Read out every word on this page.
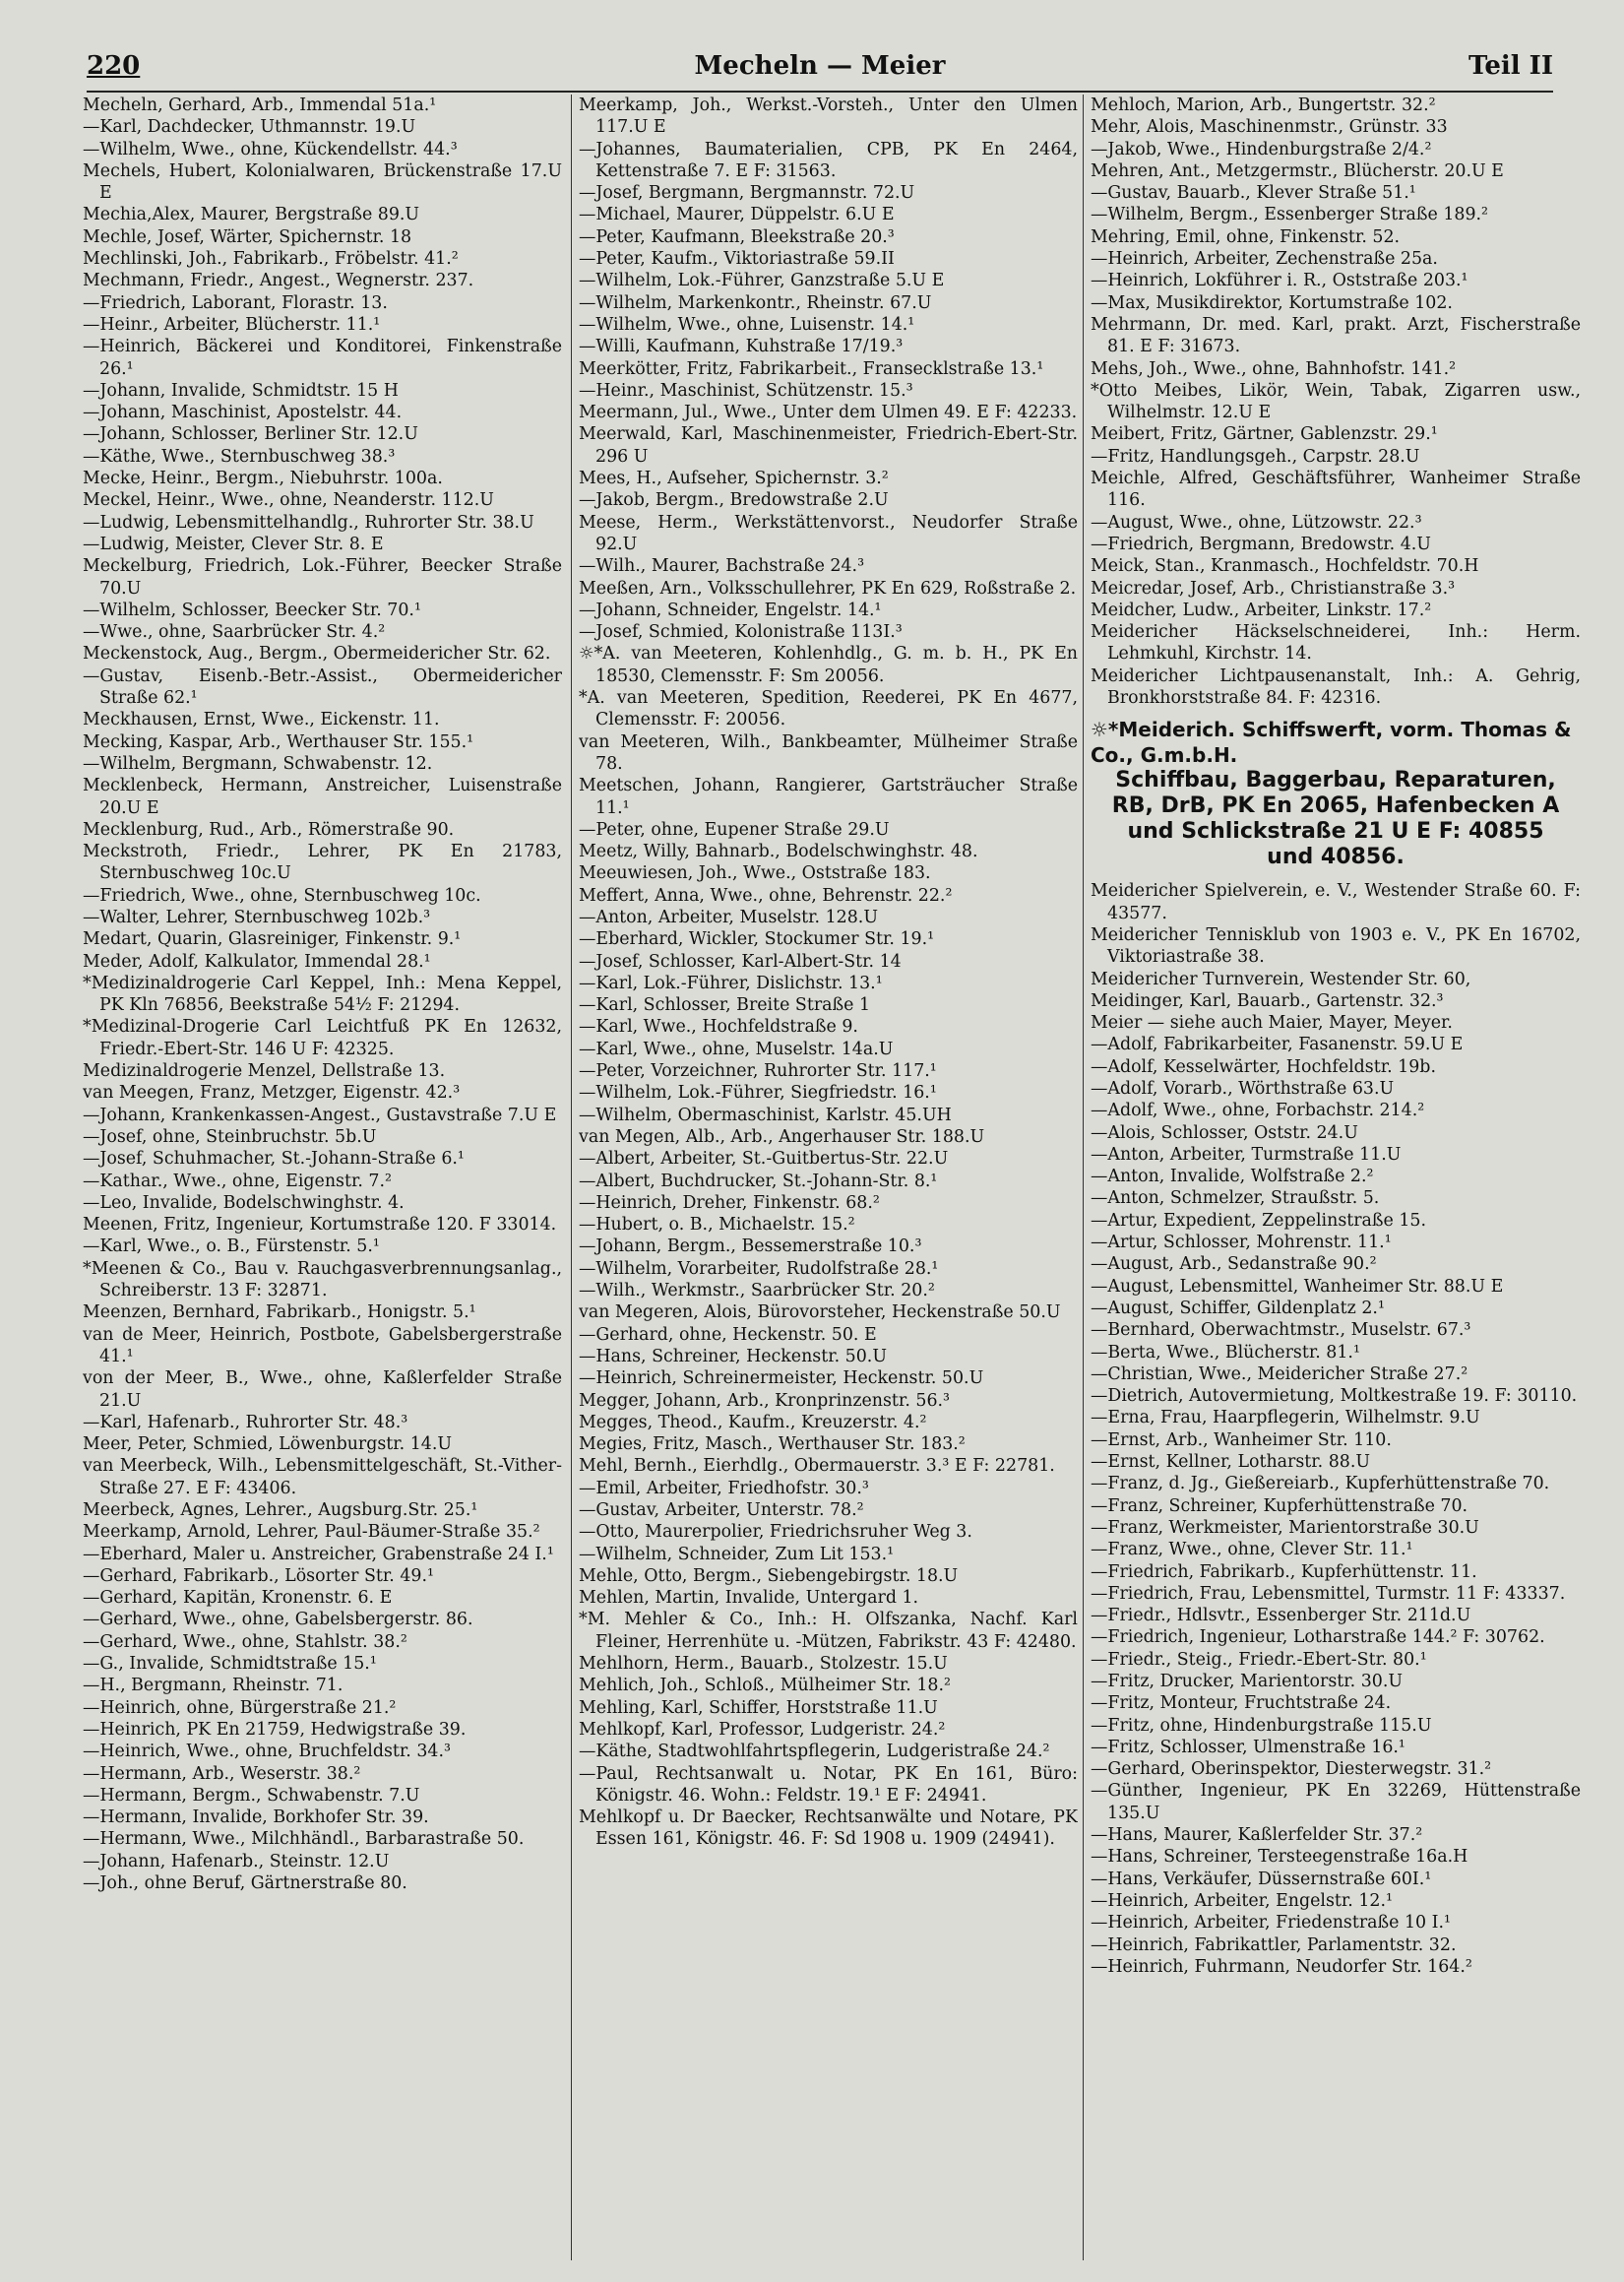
220	Mecheln — Meier	Teil II
Mecheln, Gerhard, Arb., Immendal 51a.¹
—Karl, Dachdecker, Uthmannstr. 19.U
—Wilhelm, Wwe., ohne, Kückendellstr. 44.³
Mechels, Hubert, Kolonialwaren, Brückenstraße 17.U E
Mechia,Alex, Maurer, Bergstraße 89.U
Mechle, Josef, Wärter, Spichernstr. 18
Mechlinski, Joh., Fabrikarb., Fröbelstr. 41.²
Mechmann, Friedr., Angest., Wegnerstr. 237.
—Friedrich, Laborant, Florastr. 13.
—Heinr., Arbeiter, Blücherstr. 11.¹
—Heinrich, Bäckerei und Konditorei, Finkenstraße 26.¹
—Johann, Invalide, Schmidtstr. 15 H
—Johann, Maschinist, Apostelstr. 44.
—Johann, Schlosser, Berliner Str. 12.U
—Käthe, Wwe., Sternbuschweg 38.³
Mecke, Heinr., Bergm., Niebuhrstr. 100a.
Meckel, Heinr., Wwe., ohne, Neanderstr. 112.U
—Ludwig, Lebensmittelhandlg., Ruhrorter Str. 38.U
—Ludwig, Meister, Clever Str. 8. E
Meckelburg, Friedrich, Lok.-Führer, Beecker Straße 70.U
—Wilhelm, Schlosser, Beecker Str. 70.¹
—Wwe., ohne, Saarbrücker Str. 4.²
Meckenstock, Aug., Bergm., Obermeidericher Str. 62.
—Gustav, Eisenb.-Betr.-Assist., Obermeidericher Straße 62.¹
Meckhausen, Ernst, Wwe., Eickenstr. 11.
Mecking, Kaspar, Arb., Werthauser Str. 155.¹
—Wilhelm, Bergmann, Schwabenstr. 12.
Mecklenbeck, Hermann, Anstreicher, Luisenstraße 20.U E
Mecklenburg, Rud., Arb., Römerstraße 90.
Meckstroth, Friedr., Lehrer, PK En 21783, Sternbuschweg 10c.U
—Friedrich, Wwe., ohne, Sternbuschweg 10c.
—Walter, Lehrer, Sternbuschweg 102b.³
Medart, Quarin, Glasreiniger, Finkenstr. 9.¹
Meder, Adolf, Kalkulator, Immendal 28.¹
*Medizinaldrogerie Carl Keppel, Inh.: Mena Keppel, PK Kln 76856, Beekstraße 54½ F: 21294.
*Medizinal-Drogerie Carl Leichtfuß PK En 12632, Friedr.-Ebert-Str. 146 U F: 42325.
Medizinaldrogerie Menzel, Dellstraße 13.
van Meegen, Franz, Metzger, Eigenstr. 42.³
—Johann, Krankenkassen-Angest., Gustavstraße 7.U E
—Josef, ohne, Steinbruchstr. 5b.U
—Josef, Schuhmacher, St.-Johann-Straße 6.¹
—Kathar., Wwe., ohne, Eigenstr. 7.²
—Leo, Invalide, Bodelschwinghstr. 4.
Meenen, Fritz, Ingenieur, Kortumstraße 120. F 33014.
—Karl, Wwe., o. B., Fürstenstr. 5.¹
*Meenen & Co., Bau v. Rauchgasverbrennungsanlag., Schreiberstr. 13 F: 32871.
Meenzen, Bernhard, Fabrikarb., Honigstr. 5.¹
van de Meer, Heinrich, Postbote, Gabelsbergerstraße 41.¹
von der Meer, B., Wwe., ohne, Kaßlerfelder Straße 21.U
—Karl, Hafenarb., Ruhrorter Str. 48.³
Meer, Peter, Schmied, Löwenburgstr. 14.U
van Meerbeck, Wilh., Lebensmittelgeschäft, St.-Vither-Straße 27. E F: 43406.
Meerbeck, Agnes, Lehrer., Augsburg.Str. 25.¹
Meerkamp, Arnold, Lehrer, Paul-Bäumer-Straße 35.²
—Eberhard, Maler u. Anstreicher, Grabenstraße 24 I.¹
—Gerhard, Fabrikarb., Lösorter Str. 49.¹
—Gerhard, Kapitän, Kronenstr. 6. E
—Gerhard, Wwe., ohne, Gabelsbergerstr. 86.
—Gerhard, Wwe., ohne, Stahlstr. 38.²
—G., Invalide, Schmidtstraße 15.¹
—H., Bergmann, Rheinstr. 71.
—Heinrich, ohne, Bürgerstraße 21.²
—Heinrich, PK En 21759, Hedwigstraße 39.
—Heinrich, Wwe., ohne, Bruchfeldstr. 34.³
—Hermann, Arb., Weserstr. 38.²
—Hermann, Bergm., Schwabenstr. 7.U
—Hermann, Invalide, Borkhofer Str. 39.
—Hermann, Wwe., Milchhändl., Barbarastraße 50.
—Johann, Hafenarb., Steinstr. 12.U
—Joh., ohne Beruf, Gärtnerstraße 80.
Meerkamp, Joh., Werkst.-Vorsteh., Unter den Ulmen 117.U E
—Johannes, Baumaterialien, CPB, PK En 2464, Kettenstraße 7. E F: 31563.
—Josef, Bergmann, Bergmannstr. 72.U
—Michael, Maurer, Düppelstr. 6.U E
—Peter, Kaufmann, Bleekstraße 20.³
—Peter, Kaufm., Viktoriastraße 59.II
—Wilhelm, Lok.-Führer, Ganzstraße 5.U E
—Wilhelm, Markenkontr., Rheinstr. 67.U
—Wilhelm, Wwe., ohne, Luisenstr. 14.¹
—Willi, Kaufmann, Kuhstraße 17/19.³
Meerkötter, Fritz, Fabrikarbeit., Fransecklstraße 13.¹
—Heinr., Maschinist, Schützenstr. 15.³
Meermann, Jul., Wwe., Unter dem Ulmen 49. E F: 42233.
Meerwald, Karl, Maschinenmeister, Friedrich-Ebert-Str. 296 U
Mees, H., Aufseher, Spichernstr. 3.²
—Jakob, Bergm., Bredowstraße 2.U
Meese, Herm., Werkstättenvorst., Neudorfer Straße 92.U
—Wilh., Maurer, Bachstraße 24.³
Meeßen, Arn., Volksschullehrer, PK En 629, Roßstraße 2.
—Johann, Schneider, Engelstr. 14.¹
—Josef, Schmied, Kolonistraße 113I.³
☼*A. van Meeteren, Kohlenhdlg., G. m. b. H., PK En 18530, Clemensstr. F: Sm 20056.
*A. van Meeteren, Spedition, Reederei, PK En 4677, Clemensstr. F: 20056.
van Meeteren, Wilh., Bankbeamter, Mülheimer Straße 78.
Meetschen, Johann, Rangierer, Gartsträucher Straße 11.¹
—Peter, ohne, Eupener Straße 29.U
Meetz, Willy, Bahnarb., Bodelschwinghstr. 48.
Meeuwiesen, Joh., Wwe., Oststraße 183.
Meffert, Anna, Wwe., ohne, Behrenstr. 22.²
—Anton, Arbeiter, Muselstr. 128.U
—Eberhard, Wickler, Stockumer Str. 19.¹
—Josef, Schlosser, Karl-Albert-Str. 14
—Karl, Lok.-Führer, Dislichstr. 13.¹
—Karl, Schlosser, Breite Straße 1
—Karl, Wwe., Hochfeldstraße 9.
—Karl, Wwe., ohne, Muselstr. 14a.U
—Peter, Vorzeichner, Ruhrorter Str. 117.¹
—Wilhelm, Lok.-Führer, Siegfriedstr. 16.¹
—Wilhelm, Obermaschinist, Karlstr. 45.UH
van Megen, Alb., Arb., Angerhauser Str. 188.U
—Albert, Arbeiter, St.-Guitbertus-Str. 22.U
—Albert, Buchdrucker, St.-Johann-Str. 8.¹
—Heinrich, Dreher, Finkenstr. 68.²
—Hubert, o. B., Michaelstr. 15.²
—Johann, Bergm., Bessemerstraße 10.³
—Wilhelm, Vorarbeiter, Rudolfstraße 28.¹
—Wilh., Werkmstr., Saarbrücker Str. 20.²
van Megeren, Alois, Bürovorsteher, Heckenstraße 50.U
—Gerhard, ohne, Heckenstr. 50. E
—Hans, Schreiner, Heckenstr. 50.U
—Heinrich, Schreinermeister, Heckenstr. 50.U
Megger, Johann, Arb., Kronprinzenstr. 56.³
Megges, Theod., Kaufm., Kreuzerstr. 4.²
Megies, Fritz, Masch., Werthauser Str. 183.²
Mehl, Bernh., Eierhdlg., Obermauerstr. 3.³ E F: 22781.
—Emil, Arbeiter, Friedhofstr. 30.³
—Gustav, Arbeiter, Unterstr. 78.²
—Otto, Maurerpolier, Friedrichsruher Weg 3.
—Wilhelm, Schneider, Zum Lit 153.¹
Mehle, Otto, Bergm., Siebengebirgstr. 18.U
Mehlen, Martin, Invalide, Untergard 1.
*M. Mehler & Co., Inh.: H. Olfszanka, Nachf. Karl Fleiner, Herrenhüte u. -Mützen, Fabrikstr. 43 F: 42480.
Mehlhorn, Herm., Bauarb., Stolzestr. 15.U
Mehlich, Joh., Schloß., Mülheimer Str. 18.²
Mehling, Karl, Schiffer, Horststraße 11.U
Mehlkopf, Karl, Professor, Ludgeristr. 24.²
—Käthe, Stadtwohlfahrtspflegerin, Ludgeristraße 24.²
—Paul, Rechtsanwalt u. Notar, PK En 161, Büro: Königstr. 46. Wohn.: Feldstr. 19.¹ E F: 24941.
Mehlkopf u. Dr Baecker, Rechtsanwälte und Notare, PK Essen 161, Königstr. 46. F: Sd 1908 u. 1909 (24941).
Mehloch, Marion, Arb., Bungertstr. 32.²
Mehr, Alois, Maschinenmstr., Grünstr. 33
—Jakob, Wwe., Hindenburgstraße 2/4.²
Mehren, Ant., Metzgermstr., Blücherstr. 20.U E
—Gustav, Bauarb., Klever Straße 51.¹
—Wilhelm, Bergm., Essenberger Straße 189.²
Mehring, Emil, ohne, Finkenstr. 52.
—Heinrich, Arbeiter, Zechenstraße 25a.
—Heinrich, Lokführer i. R., Oststraße 203.¹
—Max, Musikdirektor, Kortumstraße 102.
Mehrmann, Dr. med. Karl, prakt. Arzt, Fischerstraße 81. E F: 31673.
Mehs, Joh., Wwe., ohne, Bahnhofstr. 141.²
*Otto Meibes, Likör, Wein, Tabak, Zigarren usw., Wilhelmstr. 12.U E
Meibert, Fritz, Gärtner, Gablenzstr. 29.¹
—Fritz, Handlungsgeh., Carpstr. 28.U
Meichle, Alfred, Geschäftsführer, Wanheimer Straße 116.
—August, Wwe., ohne, Lützowstr. 22.³
—Friedrich, Bergmann, Bredowstr. 4.U
Meick, Stan., Kranmasch., Hochfeldstr. 70.H
Meicredar, Josef, Arb., Christianstraße 3.³
Meidcher, Ludw., Arbeiter, Linkstr. 17.²
Meidericher Häckselschneiderei, Inh.: Herm. Lehmkuhl, Kirchstr. 14.
Meidericher Lichtpausenanstalt, Inh.: A. Gehrig, Bronkhorststraße 84. F: 42316.
☼*Meiderich. Schiffswerft, vorm. Thomas & Co., G.m.b.H.
Schiffbau, Baggerbau, Reparaturen,
RB, DrB, PK En 2065, Hafenbecken A
und Schlickstraße 21 U E F: 40855
und 40856.
Meidericher Spielverein, e. V., Westender Straße 60. F: 43577.
Meidericher Tennisklub von 1903 e. V., PK En 16702, Viktoriastraße 38.
Meidericher Turnverein, Westender Str. 60,
Meidinger, Karl, Bauarb., Gartenstr. 32.³
Meier — siehe auch Maier, Mayer, Meyer.
—Adolf, Fabrikarbeiter, Fasanenstr. 59.U E
—Adolf, Kesselwärter, Hochfeldstr. 19b.
—Adolf, Vorarb., Wörthstraße 63.U
—Adolf, Wwe., ohne, Forbachstr. 214.²
—Alois, Schlosser, Oststr. 24.U
—Anton, Arbeiter, Turmstraße 11.U
—Anton, Invalide, Wolfstraße 2.²
—Anton, Schmelzer, Straußstr. 5.
—Artur, Expedient, Zeppelinstraße 15.
—Artur, Schlosser, Mohrenstr. 11.¹
—August, Arb., Sedanstraße 90.²
—August, Lebensmittel, Wanheimer Str. 88.U E
—August, Schiffer, Gildenplatz 2.¹
—Bernhard, Oberwachtmstr., Muselstr. 67.³
—Berta, Wwe., Blücherstr. 81.¹
—Christian, Wwe., Meidericher Straße 27.²
—Dietrich, Autovermietung, Moltkestraße 19. F: 30110.
—Erna, Frau, Haarpflegerin, Wilhelmstr. 9.U
—Ernst, Arb., Wanheimer Str. 110.
—Ernst, Kellner, Lotharstr. 88.U
—Franz, d. Jg., Gießereiarb., Kupferhüttenstraße 70.
—Franz, Schreiner, Kupferhüttenstraße 70.
—Franz, Werkmeister, Marientorstraße 30.U
—Franz, Wwe., ohne, Clever Str. 11.¹
—Friedrich, Fabrikarb., Kupferhüttenstr. 11.
—Friedrich, Frau, Lebensmittel, Turmstr. 11 F: 43337.
—Friedr., Hdlsvtr., Essenberger Str. 211d.U
—Friedrich, Ingenieur, Lotharstraße 144.² F: 30762.
—Friedr., Steig., Friedr.-Ebert-Str. 80.¹
—Fritz, Drucker, Marientorstr. 30.U
—Fritz, Monteur, Fruchtstraße 24.
—Fritz, ohne, Hindenburgstraße 115.U
—Fritz, Schlosser, Ulmenstraße 16.¹
—Gerhard, Oberinspektor, Diesterwegstr. 31.²
—Günther, Ingenieur, PK En 32269, Hüttenstraße 135.U
—Hans, Maurer, Kaßlerfelder Str. 37.²
—Hans, Schreiner, Tersteegenstraße 16a.H
—Hans, Verkäufer, Düssernstraße 60I.¹
—Heinrich, Arbeiter, Engelstr. 12.¹
—Heinrich, Arbeiter, Friedenstraße 10 I.¹
—Heinrich, Fabrikattler, Parlamentstr. 32.
—Heinrich, Fuhrmann, Neudorfer Str. 164.²
